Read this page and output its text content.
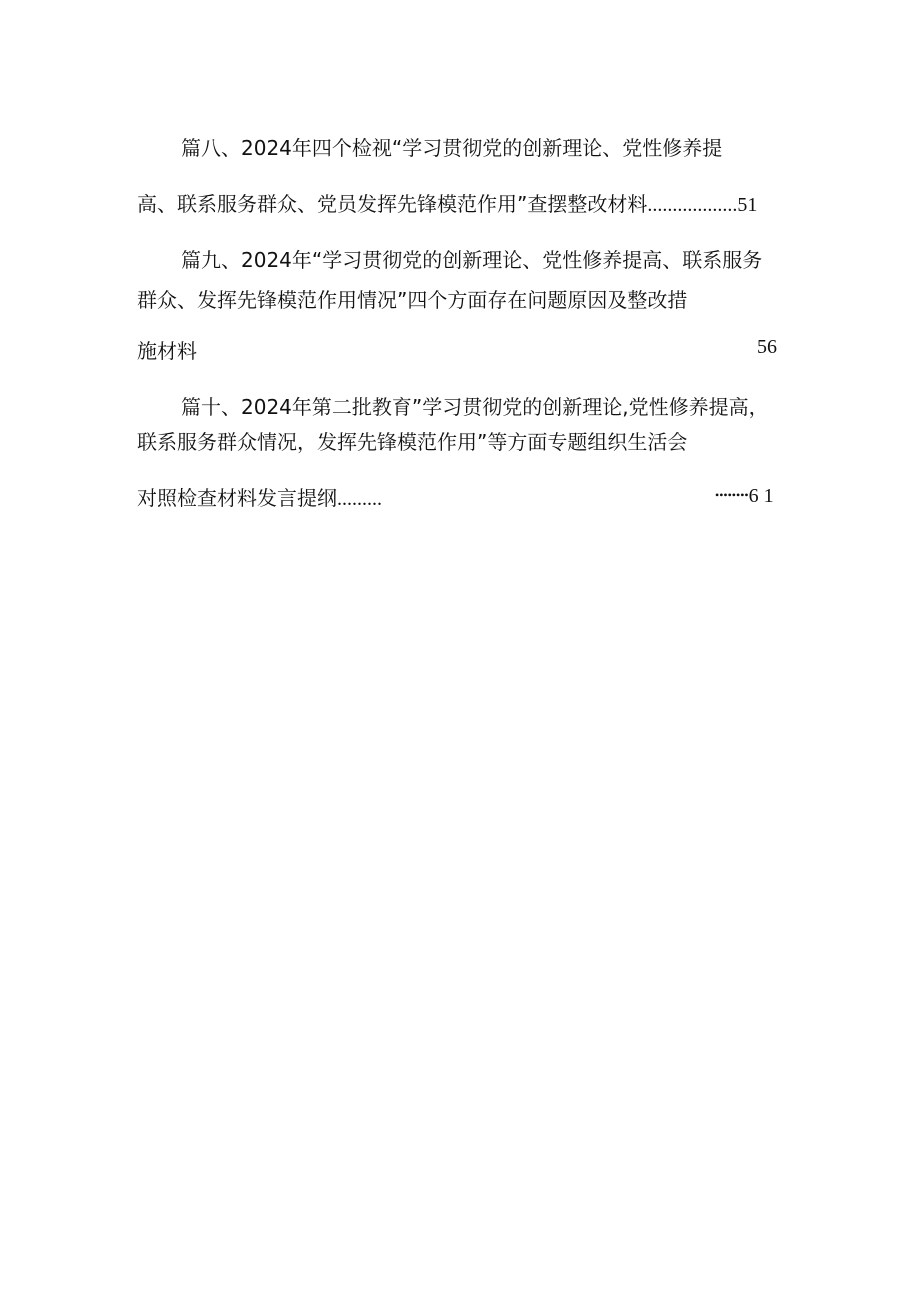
篇八、2024年四个检视“学习贯彻党的创新理论、党性修养提
高、联系服务群众、党员发挥先锋模范作用”查摆整改材料..................51
篇九、2024年“学习贯彻党的创新理论、党性修养提高、联系服务
群众、发挥先锋模范作用情况”四个方面存在问题原因及整改措
施材料	56
篇十、2024年第二批教育”学习贯彻党的创新理论,党性修养提高，
联系服务群众情况，发挥先锋模范作用”等方面专题组织生活会
对照检查材料发言提纲.........	••••••••6 1
